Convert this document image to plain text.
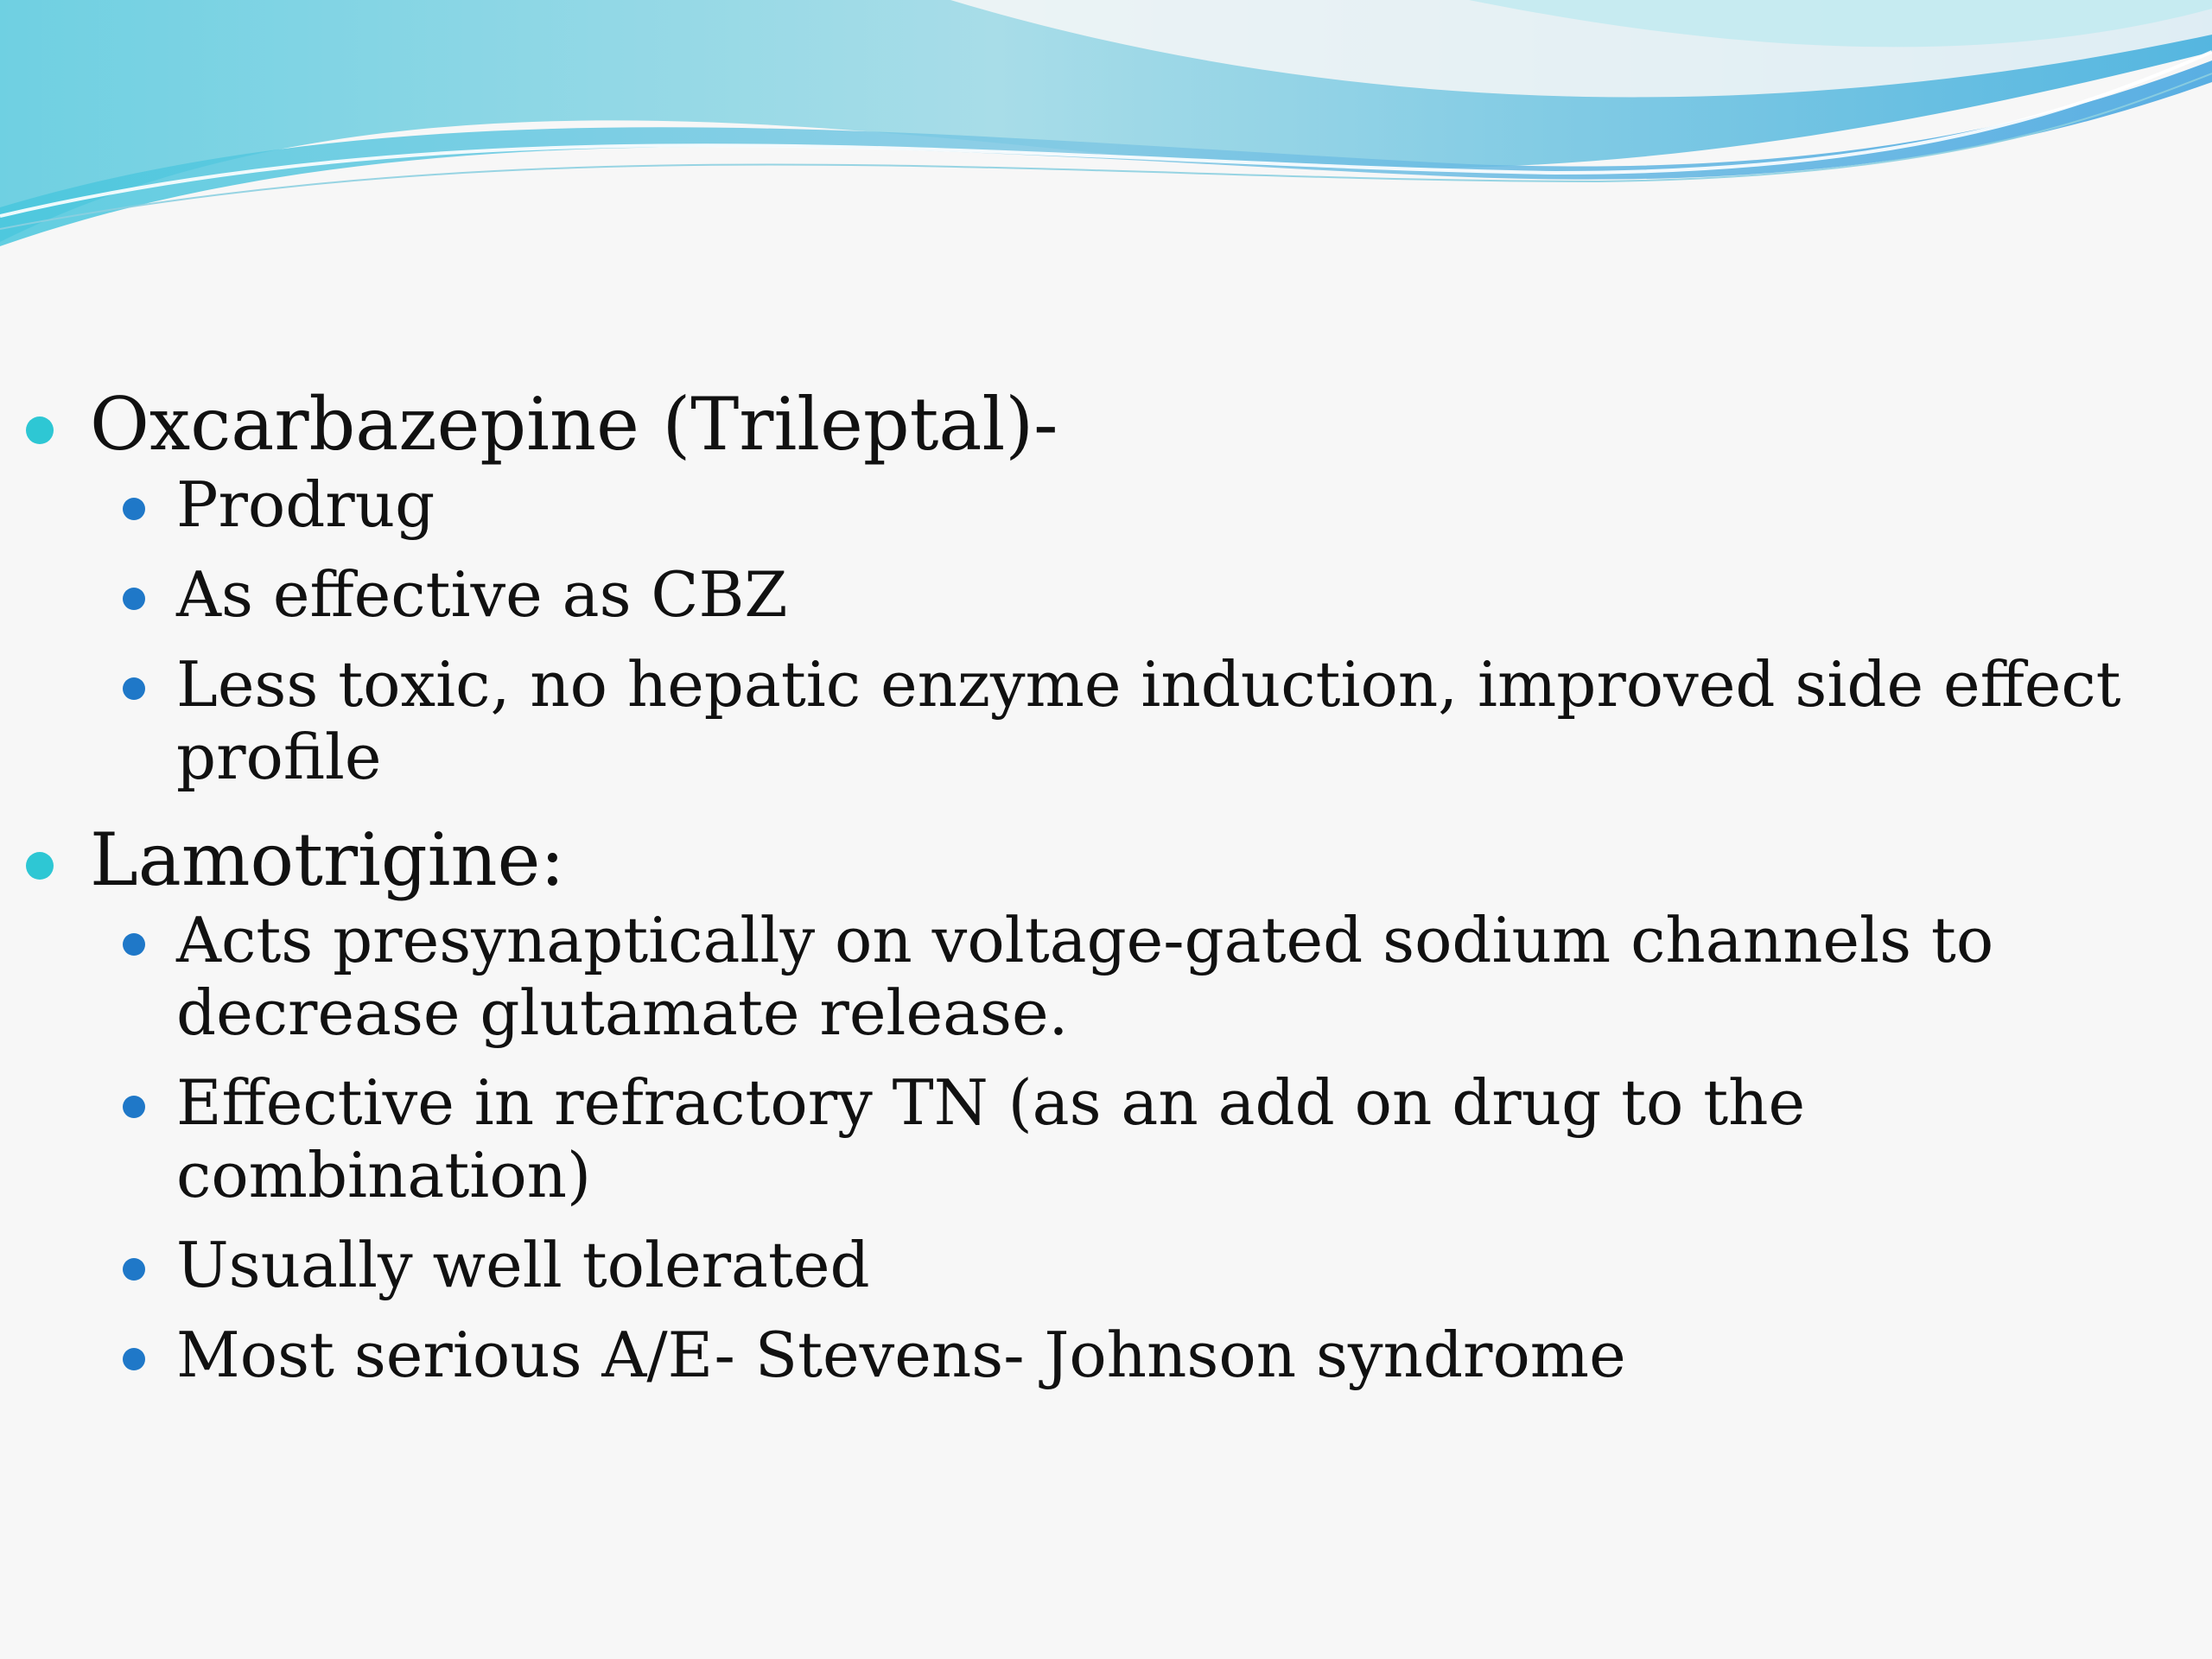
Oxcarbazepine (Trileptal)-

Prodrug

As effective as CBZ

Less toxic, no hepatic enzyme induction, improved side effect profile

Lamotrigine:

Acts presynaptically on voltage-gated sodium channels to decrease glutamate release.

Effective in refractory TN (as an add on drug to the combination)

Usually well tolerated

Most serious A/E- Stevens- Johnson syndrome
